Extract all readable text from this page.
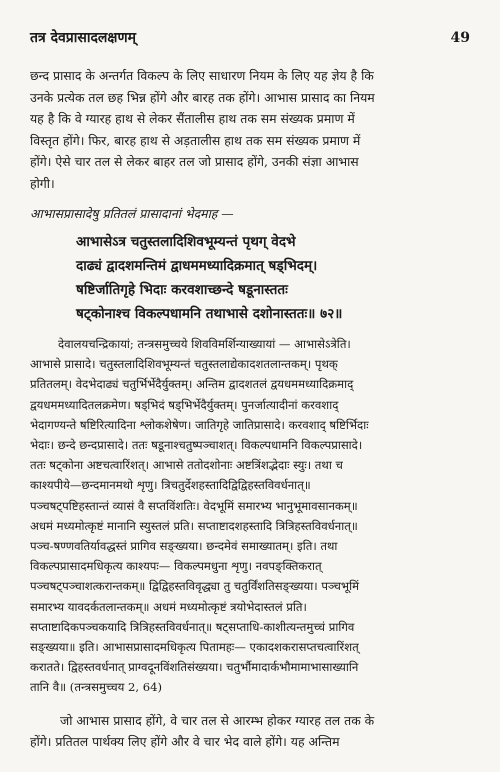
तत्र देवप्रासादलक्षणम्	49
छन्द प्रासाद के अन्तर्गत विकल्प के लिए साधारण नियम के लिए यह ज्ञेय है कि
उनके प्रत्येक तल छह भिन्न होंगे और बारह तक होंगे। आभास प्रासाद का नियम
यह है कि वे ग्यारह हाथ से लेकर सैंतालीस हाथ तक सम संख्यक प्रमाण में
विस्तृत होंगे। फिर, बारह हाथ से अड़तालीस हाथ तक सम संख्यक प्रमाण में
होंगे। ऐसे चार तल से लेकर बाहर तल जो प्रासाद होंगे, उनकी संज्ञा आभास
होगी।
आभासप्रासादेषु प्रतितलं प्रासादानां भेदमाह —
आभासेऽत्र चतुस्तलादिशिवभूम्यन्तं पृथग् वेदभे
दाढ्यं द्वादशमन्तिमं द्वाधममध्यादिक्रमात् षड्भिदम्।
षष्टिर्जातिगृहे भिदाः करवशाच्छन्दे षडूनास्ततः
षट्कोनाश्च विकल्पधामनि तथाभासे दशोनास्ततः॥ ७२॥
देवालयचन्द्रिकायां; तन्त्रसमुच्चये शिवविमर्शिन्याख्यायां — आभासेऽत्रेति।
आभासे प्रासादे। चतुस्तलादिशिवभूम्यन्तं चतुस्तलाद्येकादशतलान्तकम्। पृथक्
प्रतितलम्। वेदभेदाढ्यं चतुर्भिर्भेदैर्युक्तम्। अन्तिम द्वादशतलं द्वयधममध्यादिक्रमाद्
द्वयधममध्यादितलक्रमेण। षड्भिदं षड्भिर्भेदैर्युक्तम्। पुनर्जात्यादीनां करवशाद्
भेदागण्यन्ते षष्टिरित्यादिना श्लोकशेषेण। जातिगृहे जातिप्रासादे। करवशाद् षष्टिर्भिदाः
भेदाः। छन्दे छन्दप्रासादे। ततः षडूनाश्चतुष्पञ्चाशत्। विकल्पधामनि विकल्पप्रासादे।
ततः षट्कोना अष्टचत्वारिंशत्। आभासे ततोदशोनाः अष्टत्रिंशद्भेदाः स्युः। तथा च
काश्यपीये—छन्दमानमथो शृणु। त्रिचतुर्देशहस्तादिद्विद्विहस्तविवर्धनात्॥
पञ्चषट्पष्टिहस्तान्तं व्यासं वै सप्तविंशतिः। वेदभूमिं समारभ्य भानुभूमावसानकम्॥
अधमं मध्यमोत्कृष्टं मानानि स्युस्तलं प्रति। सप्ताष्टादशहस्तादि त्रित्रिहस्तविवर्धनात्॥
पञ्च-षण्णवतिर्यावद्धस्तं प्रागिव सङ्ख्यया। छन्दमेवं समाख्यातम्। इति। तथा
विकल्पप्रासादमधिकृत्य काश्यपः— विकल्पमधुना शृणु। नवपङ्क्तिकरात्
पञ्चषट्पञ्चाशत्करान्तकम्॥ द्विद्विहस्तविवृद्ध्या तु चतुर्विंशतिसङ्ख्यया। पञ्चभूमिं
समारभ्य यावदर्कतलान्तकम्॥ अधमं मध्यमोत्कृष्टं त्रयोभेदास्तलं प्रति।
सप्ताष्टादिकपञ्चकयादि त्रित्रिहस्तविवर्धनात्॥ षट्सप्ताधि-काशीत्यन्तमुच्चं प्रागिव
सङ्ख्यया॥ इति। आभासप्रासादमधिकृत्य पितामहः— एकादशकरासप्तचत्वारिंशत्
करातते। द्विहस्तवर्धनात् प्राग्वदूनविंशतिसंख्यया। चतुर्भौमादार्कभौमामाभासाख्यानि
तानि वै॥ (तन्त्रसमुच्चय 2, 64)
जो आभास प्रासाद होंगे, वे चार तल से आरम्भ होकर ग्यारह तल तक के
होंगे। प्रतितल पार्थक्य लिए होंगे और वे चार भेद वाले होंगे। यह अन्तिम
